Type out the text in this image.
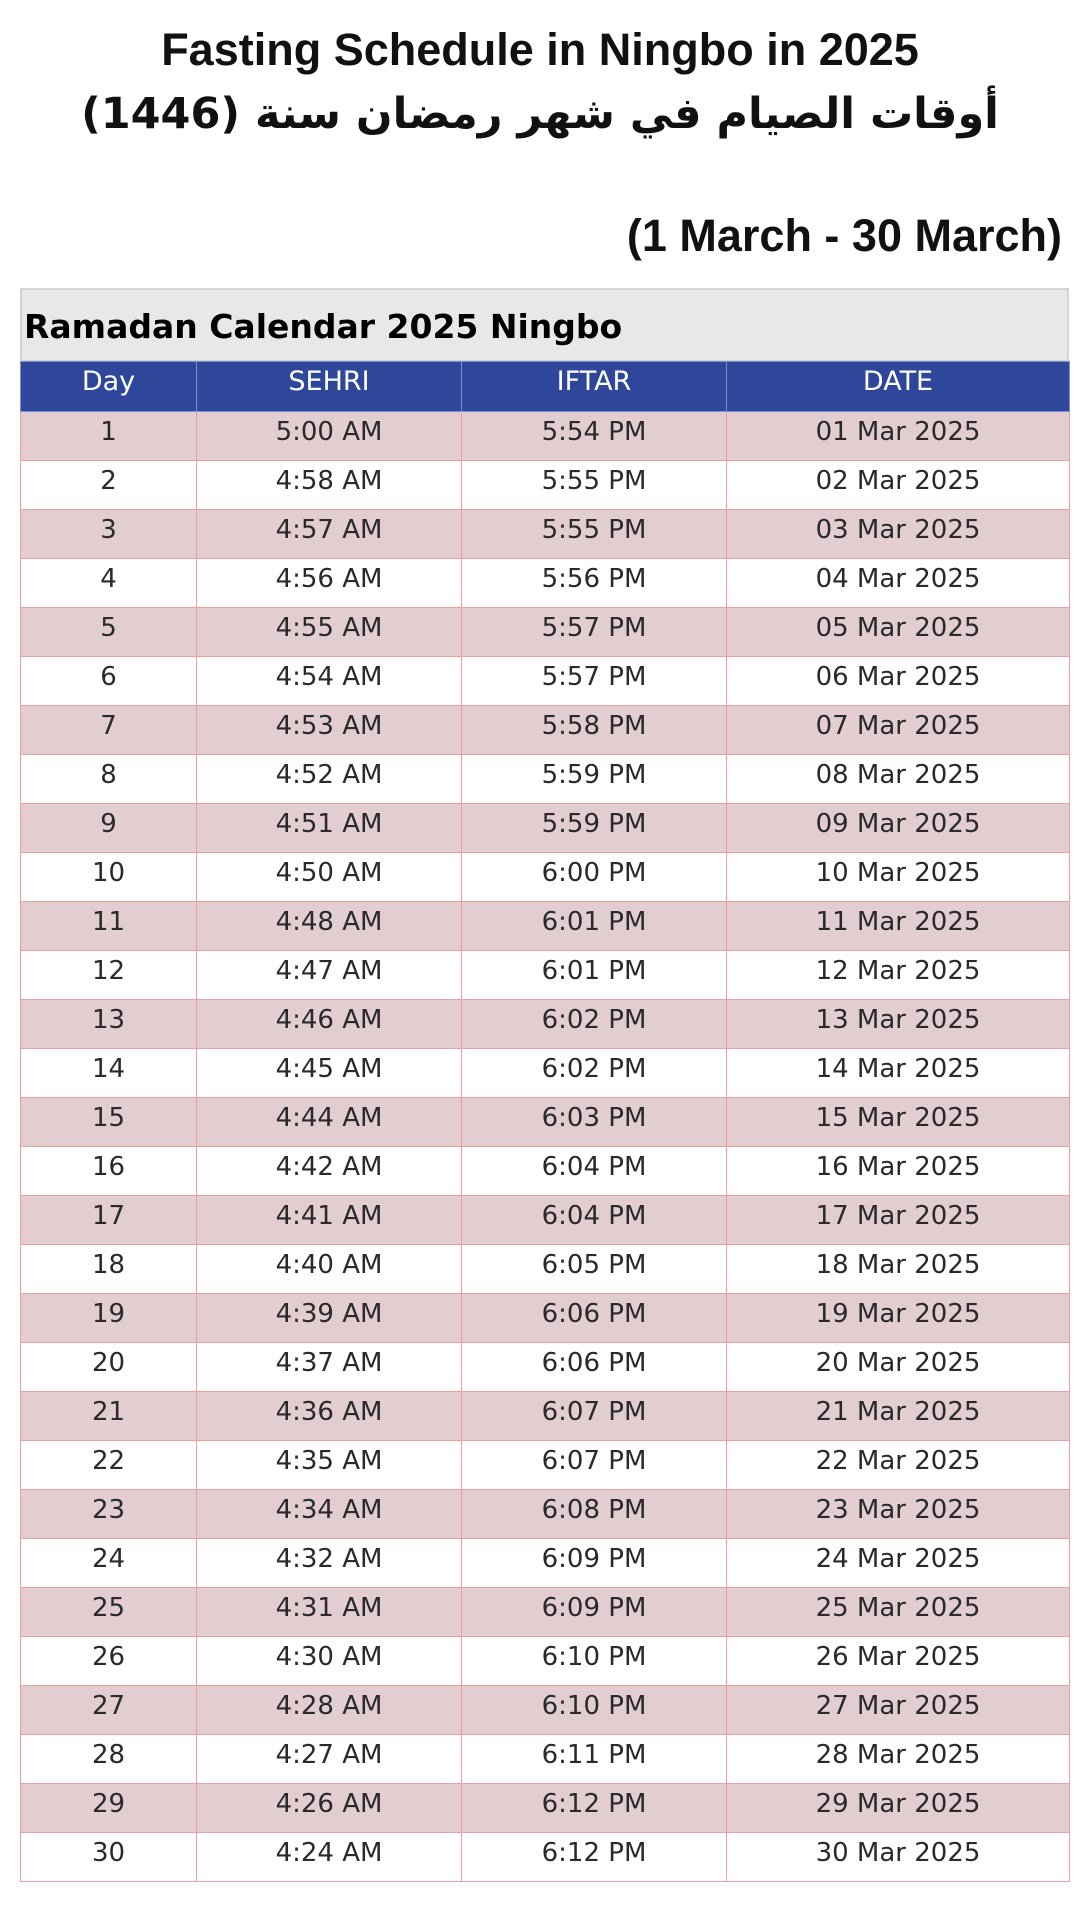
Fasting Schedule in Ningbo in 2025
أوقات الصيام في شهر رمضان سنة (1446)
(1 March - 30 March)
Ramadan Calendar 2025 Ningbo
Day	SEHRI	IFTAR	DATE
1	5:00 AM	5:54 PM	01 Mar 2025
2	4:58 AM	5:55 PM	02 Mar 2025
3	4:57 AM	5:55 PM	03 Mar 2025
4	4:56 AM	5:56 PM	04 Mar 2025
5	4:55 AM	5:57 PM	05 Mar 2025
6	4:54 AM	5:57 PM	06 Mar 2025
7	4:53 AM	5:58 PM	07 Mar 2025
8	4:52 AM	5:59 PM	08 Mar 2025
9	4:51 AM	5:59 PM	09 Mar 2025
10	4:50 AM	6:00 PM	10 Mar 2025
11	4:48 AM	6:01 PM	11 Mar 2025
12	4:47 AM	6:01 PM	12 Mar 2025
13	4:46 AM	6:02 PM	13 Mar 2025
14	4:45 AM	6:02 PM	14 Mar 2025
15	4:44 AM	6:03 PM	15 Mar 2025
16	4:42 AM	6:04 PM	16 Mar 2025
17	4:41 AM	6:04 PM	17 Mar 2025
18	4:40 AM	6:05 PM	18 Mar 2025
19	4:39 AM	6:06 PM	19 Mar 2025
20	4:37 AM	6:06 PM	20 Mar 2025
21	4:36 AM	6:07 PM	21 Mar 2025
22	4:35 AM	6:07 PM	22 Mar 2025
23	4:34 AM	6:08 PM	23 Mar 2025
24	4:32 AM	6:09 PM	24 Mar 2025
25	4:31 AM	6:09 PM	25 Mar 2025
26	4:30 AM	6:10 PM	26 Mar 2025
27	4:28 AM	6:10 PM	27 Mar 2025
28	4:27 AM	6:11 PM	28 Mar 2025
29	4:26 AM	6:12 PM	29 Mar 2025
30	4:24 AM	6:12 PM	30 Mar 2025
